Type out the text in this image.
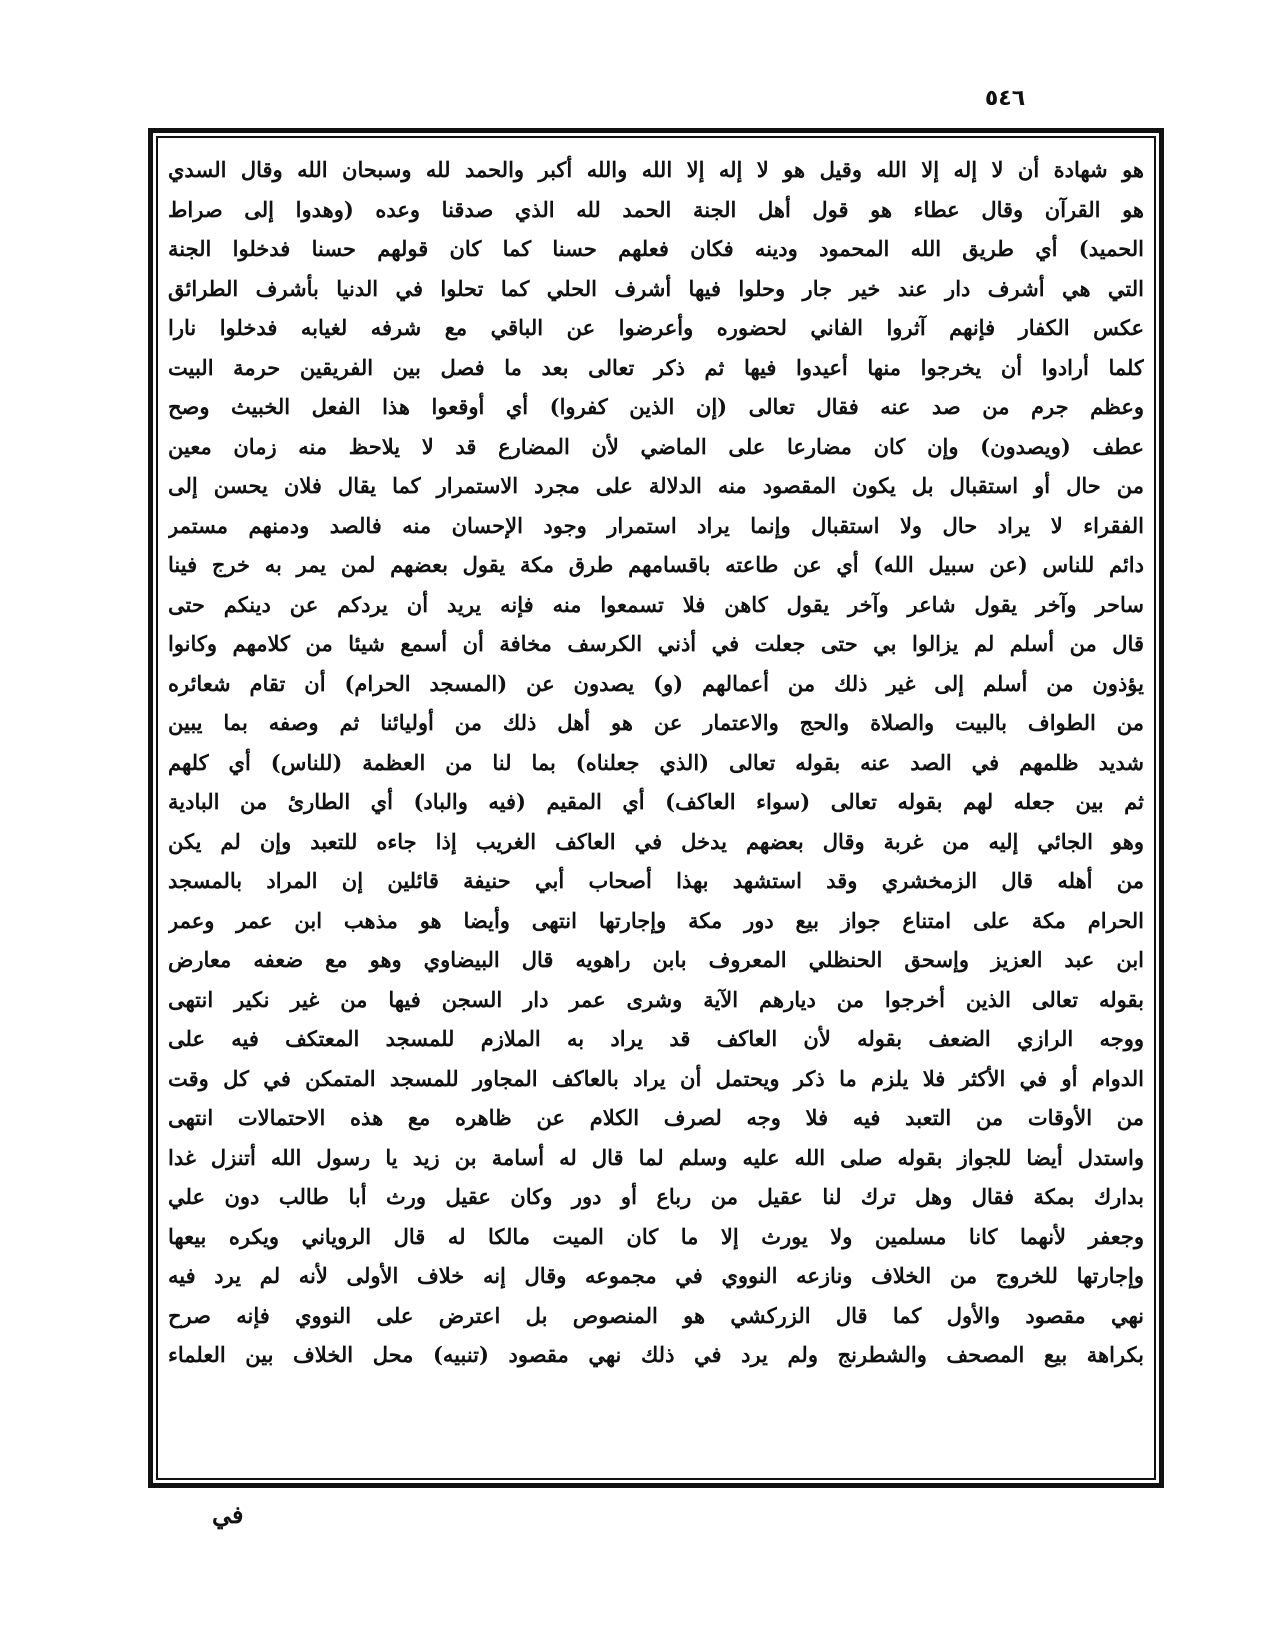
٥٤٦
هو شهادة أن لا إله إلا الله وقيل هو لا إله إلا الله والله أكبر والحمد لله وسبحان الله وقال السدي
هو القرآن وقال عطاء هو قول أهل الجنة الحمد لله الذي صدقنا وعده (وهدوا إلى صراط
الحميد) أي طريق الله المحمود ودينه فكان فعلهم حسنا كما كان قولهم حسنا فدخلوا الجنة
التي هي أشرف دار عند خير جار وحلوا فيها أشرف الحلي كما تحلوا في الدنيا بأشرف الطرائق
عكس الكفار فإنهم آثروا الفاني لحضوره وأعرضوا عن الباقي مع شرفه لغيابه فدخلوا نارا
كلما أرادوا أن يخرجوا منها أعيدوا فيها ثم ذكر تعالى بعد ما فصل بين الفريقين حرمة البيت
وعظم جرم من صد عنه فقال تعالى (إن الذين كفروا) أي أوقعوا هذا الفعل الخبيث وصح
عطف (ويصدون) وإن كان مضارعا على الماضي لأن المضارع قد لا يلاحظ منه زمان معين
من حال أو استقبال بل يكون المقصود منه الدلالة على مجرد الاستمرار كما يقال فلان يحسن إلى
الفقراء لا يراد حال ولا استقبال وإنما يراد استمرار وجود الإحسان منه فالصد ودمنهم مستمر
دائم للناس (عن سبيل الله) أي عن طاعته باقسامهم طرق مكة يقول بعضهم لمن يمر به خرج فينا
ساحر وآخر يقول شاعر وآخر يقول كاهن فلا تسمعوا منه فإنه يريد أن يردكم عن دينكم حتى
قال من أسلم لم يزالوا بي حتى جعلت في أذني الكرسف مخافة أن أسمع شيئا من كلامهم وكانوا
يؤذون من أسلم إلى غير ذلك من أعمالهم (و) يصدون عن (المسجد الحرام) أن تقام شعائره
من الطواف بالبيت والصلاة والحج والاعتمار عن هو أهل ذلك من أوليائنا ثم وصفه بما يبين
شديد ظلمهم في الصد عنه بقوله تعالى (الذي جعلناه) بما لنا من العظمة (للناس) أي كلهم
ثم بين جعله لهم بقوله تعالى (سواء العاكف) أي المقيم (فيه والباد) أي الطارئ من البادية
وهو الجائي إليه من غربة وقال بعضهم يدخل في العاكف الغريب إذا جاءه للتعبد وإن لم يكن
من أهله قال الزمخشري وقد استشهد بهذا أصحاب أبي حنيفة قائلين إن المراد بالمسجد
الحرام مكة على امتناع جواز بيع دور مكة وإجارتها انتهى وأيضا هو مذهب ابن عمر وعمر
ابن عبد العزيز وإسحق الحنظلي المعروف بابن راهويه قال البيضاوي وهو مع ضعفه معارض
بقوله تعالى الذين أخرجوا من ديارهم الآية وشرى عمر دار السجن فيها من غير نكير انتهى
ووجه الرازي الضعف بقوله لأن العاكف قد يراد به الملازم للمسجد المعتكف فيه على
الدوام أو في الأكثر فلا يلزم ما ذكر ويحتمل أن يراد بالعاكف المجاور للمسجد المتمكن في كل وقت
من الأوقات من التعبد فيه فلا وجه لصرف الكلام عن ظاهره مع هذه الاحتمالات انتهى
واستدل أيضا للجواز بقوله صلى الله عليه وسلم لما قال له أسامة بن زيد يا رسول الله أتنزل غدا
بدارك بمكة فقال وهل ترك لنا عقيل من رباع أو دور وكان عقيل ورث أبا طالب دون علي
وجعفر لأنهما كانا مسلمين ولا يورث إلا ما كان الميت مالكا له قال الروياني ويكره بيعها
وإجارتها للخروج من الخلاف ونازعه النووي في مجموعه وقال إنه خلاف الأولى لأنه لم يرد فيه
نهي مقصود والأول كما قال الزركشي هو المنصوص بل اعترض على النووي فإنه صرح
بكراهة بيع المصحف والشطرنج ولم يرد في ذلك نهي مقصود (تنبيه) محل الخلاف بين العلماء
في
